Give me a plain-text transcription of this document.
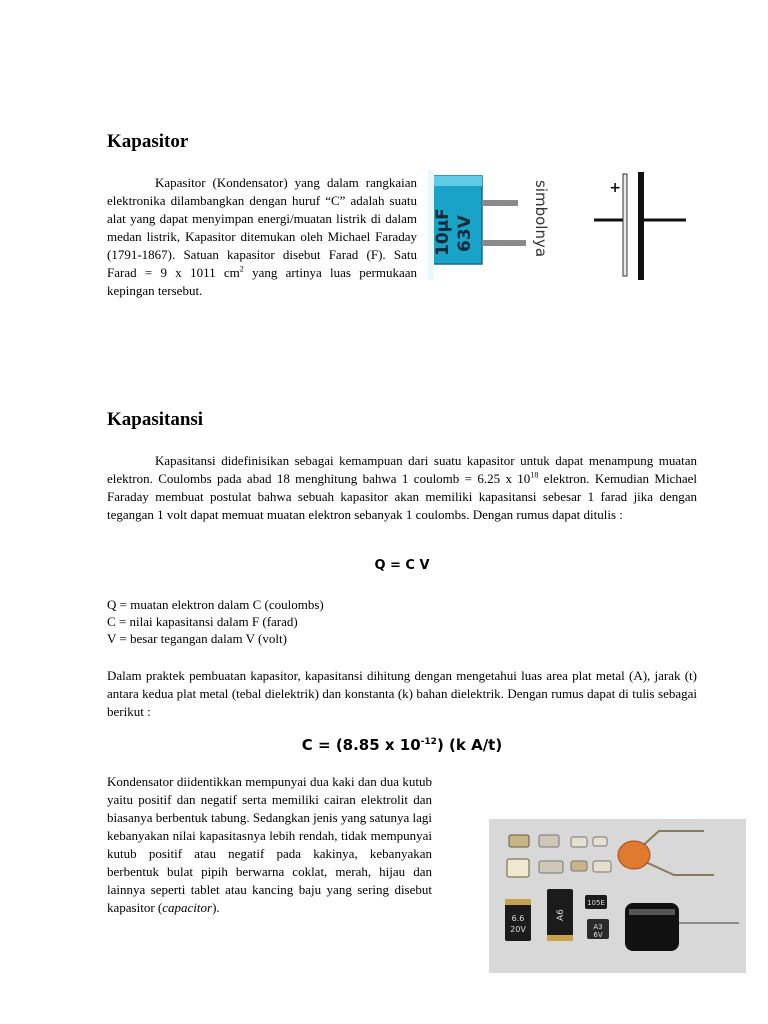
Kapasitor

Kapasitor (Kondensator) yang dalam rangkaian elektronika dilambangkan dengan huruf “C” adalah suatu alat yang dapat menyimpan energi/muatan listrik di dalam medan listrik, Kapasitor ditemukan oleh Michael Faraday (1791-1867). Satuan kapasitor disebut Farad (F). Satu Farad = 9 x 1011 $cm^2$ yang artinya luas permukaan kepingan tersebut.

10µF 63V	simbolnya	+
Kapasitansi

Kapasitansi didefinisikan sebagai kemampuan dari suatu kapasitor untuk dapat menampung muatan elektron. Coulombs pada abad 18 menghitung bahwa 1 coulomb = 6.25 x $10^{18}$ elektron. Kemudian Michael Faraday membuat postulat bahwa sebuah kapasitor akan memiliki kapasitansi sebesar 1 farad jika dengan tegangan 1 volt dapat memuat muatan elektron sebanyak 1 coulombs. Dengan rumus dapat ditulis :

Q = C V

Q = muatan elektron dalam C (coulombs)
C = nilai kapasitansi dalam F (farad)
V = besar tegangan dalam V (volt)

Dalam praktek pembuatan kapasitor, kapasitansi dihitung dengan mengetahui luas area plat metal (A), jarak (t) antara kedua plat metal (tebal dielektrik) dan konstanta (k) bahan dielektrik. Dengan rumus dapat di tulis sebagai berikut :

C = (8.85 x $10^{-12}$) (k A/t)

Kondensator diidentikkan mempunyai dua kaki dan dua kutub yaitu positif dan negatif serta memiliki cairan elektrolit dan biasanya berbentuk tabung. Sedangkan jenis yang satunya lagi kebanyakan nilai kapasitasnya lebih rendah, tidak mempunyai kutub positif atau negatif pada kakinya, kebanyakan berbentuk bulat pipih berwarna coklat, merah, hijau dan lainnya seperti tablet atau kancing baju yang sering disebut kapasitor (capacitor).

6.6
20V
A6
105E
A3
6V
